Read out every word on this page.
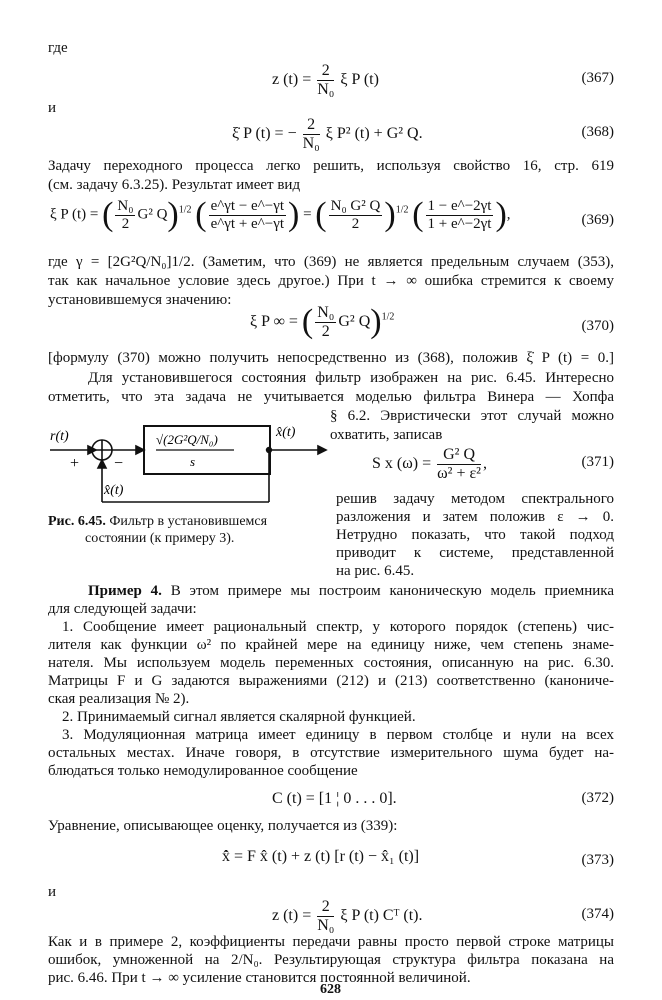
где
z $(t) = \frac{2}{\text{N₀}}$ ξ P (t)	(367)
и
ξ̇ P (t) = − $\frac{2}{\text{N₀}}$ ξ P² (t) + G² Q.	(368)
Задачу переходного процесса легко решить, используя свойство 16, стр. 619
(см. задачу 6.3.25). Результат имеет вид
ξ P (t) = ( $\frac{\text{N₀}}{2} G^2$ Q)$^{1/2}$ ( $\frac{e\^{}\gamma t - e\^{}-\gamma t}{e\^{}\gamma t + e\^{}-\gamma t}$ ) = ( $\frac{\text{N₀ G² Q}}{2} )^{1/2}$ ( $\frac{1 - e\^{}-2\gamma t}{1 + e\^{}-2\gamma t}$ ),	(369)
где γ = [2G²Q/N₀]1/2. (Заметим, что (369) не является предельным случаем (353),
так как начальное условие здесь другое.) При t → ∞ ошибка стремится к своему
установившемуся значению:
ξ P ∞ = ( $\frac{\text{N₀}}{2} G^2$ Q)$^{1/2}$
(370)
[формулу (370) можно получить непосредственно из (368), положив ξ̇ P (t) = 0.]
Для установившегося состояния фильтр изображен на рис. 6.45. Интересно
отметить, что эта задача не учитывается моделью фильтра Винера — Хопфа
§ 6.2. Эвристически этот случай можно
охватить, записав
r(t)
+ −
√(2G²Q/N₀)
s
x̂(t)
x̂(t)
S x $(\omega) = \frac{\text{G² Q}}{\text{ω² + ε²}}$ ,	(371)
решив задачу методом спектрального
разложения и затем положив ε → 0.
Нетрудно показать, что такой подход
приводит к системе, представленной
на рис. 6.45.
Рис. 6.45. Фильтр в установившемся
состоянии (к примеру 3).
Пример 4. В этом примере мы построим каноническую модель приемника
для следующей задачи:
1. Сообщение имеет рациональный спектр, у которого порядок (степень) чис-
лителя как функции ω² по крайней мере на единицу ниже, чем степень знаме-
нателя. Мы используем модель переменных состояния, описанную на рис. 6.30.
Матрицы F и G задаются выражениями (212) и (213) соответственно (канониче-
ская реализация № 2).
2. Принимаемый сигнал является скалярной функцией.
3. Модуляционная матрица имеет единицу в первом столбце и нули на всех
остальных местах. Иначе говоря, в отсутствие измерительного шума будет на-
блюдаться только немодулированное сообщение
C (t) = [1 ¦ 0 . . . 0].	(372)
Уравнение, описывающее оценку, получается из (339):
x̂̇ = F x̂ (t) + z (t) [r (t) − x̂₁ (t)]	(373)
и
z $(t) = \frac{2}{\text{N₀}}$ ξ P (t) Cᵀ (t).	(374)
Как и в примере 2, коэффициенты передачи равны просто первой строке матрицы
ошибок, умноженной на 2/N₀. Результирующая структура фильтра показана на
рис. 6.46. При t → ∞ усиление становится постоянной величиной.
628
